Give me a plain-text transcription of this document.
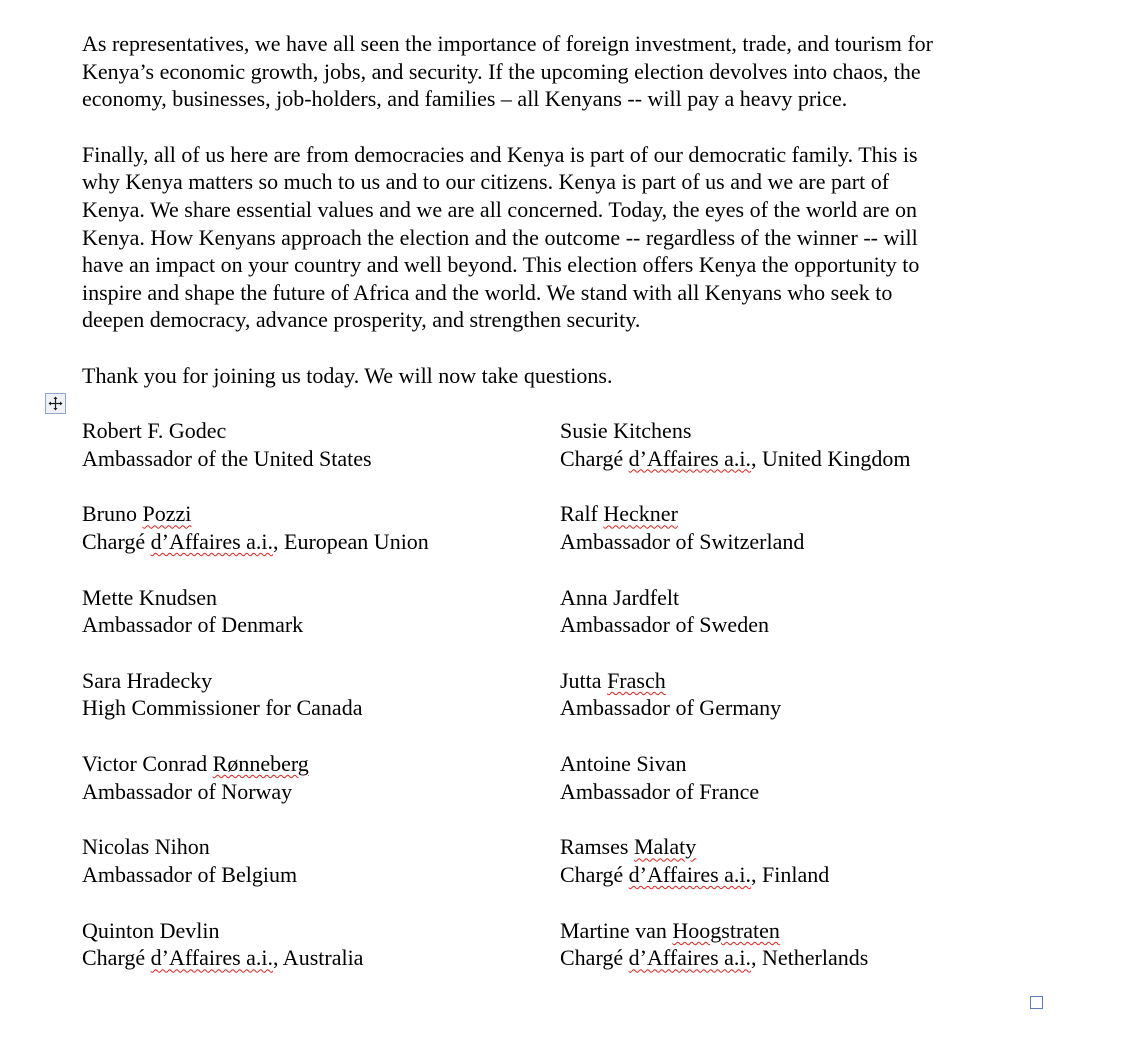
As representatives, we have all seen the importance of foreign investment, trade, and tourism for
Kenya’s economic growth, jobs, and security. If the upcoming election devolves into chaos, the
economy, businesses, job-holders, and families – all Kenyans -- will pay a heavy price.

Finally, all of us here are from democracies and Kenya is part of our democratic family. This is
why Kenya matters so much to us and to our citizens. Kenya is part of us and we are part of
Kenya. We share essential values and we are all concerned. Today, the eyes of the world are on
Kenya. How Kenyans approach the election and the outcome -- regardless of the winner -- will
have an impact on your country and well beyond. This election offers Kenya the opportunity to
inspire and shape the future of Africa and the world. We stand with all Kenyans who seek to
deepen democracy, advance prosperity, and strengthen security.

Thank you for joining us today. We will now take questions.

Robert F. Godec
Ambassador of the United States
Susie Kitchens
Chargé d’Affaires a.i., United Kingdom
Bruno Pozzi
Chargé d’Affaires a.i., European Union
Ralf Heckner
Ambassador of Switzerland
Mette Knudsen
Ambassador of Denmark
Anna Jardfelt
Ambassador of Sweden
Sara Hradecky
High Commissioner for Canada
Jutta Frasch
Ambassador of Germany
Victor Conrad Rønneberg
Ambassador of Norway
Antoine Sivan
Ambassador of France
Nicolas Nihon
Ambassador of Belgium
Ramses Malaty
Chargé d’Affaires a.i., Finland
Quinton Devlin
Chargé d’Affaires a.i., Australia
Martine van Hoogstraten
Chargé d’Affaires a.i., Netherlands
